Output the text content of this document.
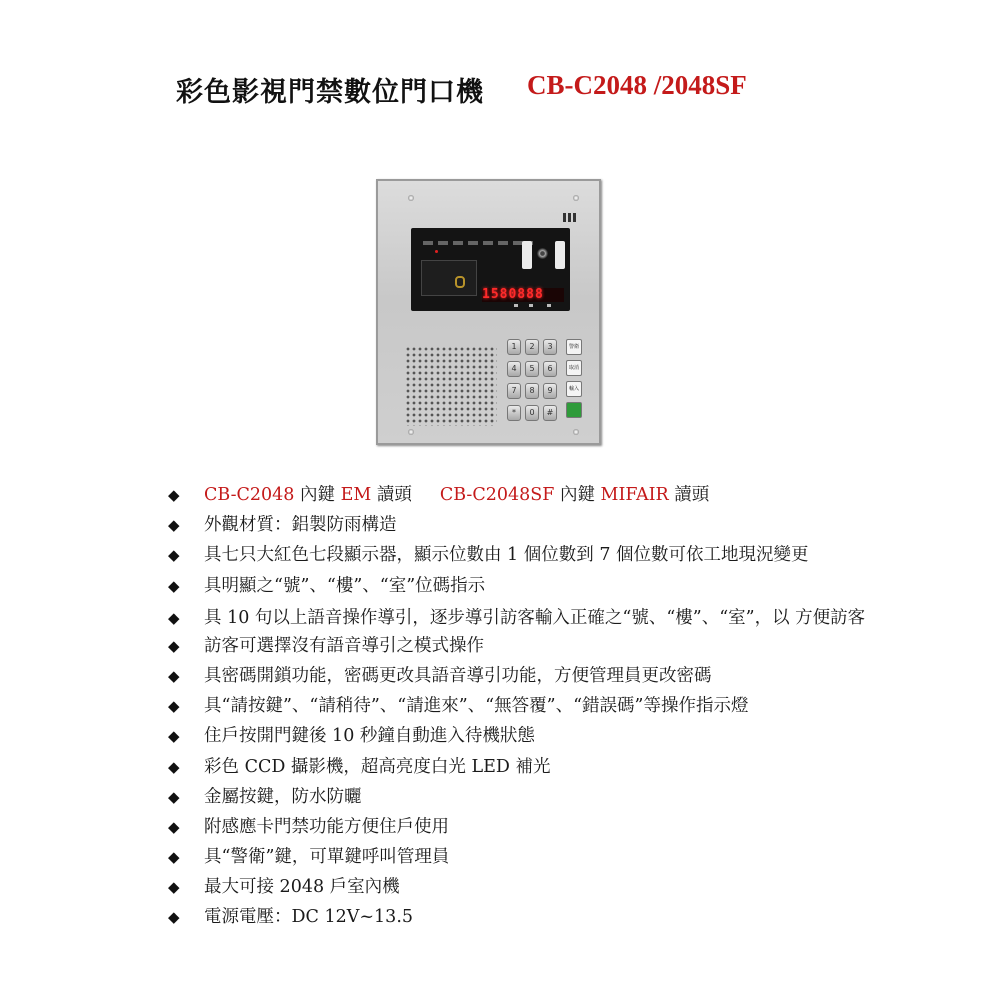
彩色影視門禁數位門口機 CB-C2048 /2048SF
1580888
1	2	3
4	5	6
7	8	9
*	0	#
警衛
取消
輸入
◆ CB-C2048 內鍵 EM 讀頭 CB-C2048SF 內鍵 MIFAIR 讀頭
◆ 外觀材質：鋁製防雨構造
◆ 具七只大紅色七段顯示器，顯示位數由 1 個位數到 7 個位數可依工地現況變更
◆ 具明顯之“號”、“樓”、“室”位碼指示
◆ 具 10 句以上語音操作導引，逐步導引訪客輸入正確之“號、“樓”、“室”，以 方便訪客
◆ 訪客可選擇沒有語音導引之模式操作
◆ 具密碼開鎖功能，密碼更改具語音導引功能，方便管理員更改密碼
◆ 具“請按鍵”、“請稍待”、“請進來”、“無答覆”、“錯誤碼”等操作指示燈
◆ 住戶按開門鍵後 10 秒鐘自動進入待機狀態
◆ 彩色 CCD 攝影機，超高亮度白光 LED 補光
◆ 金屬按鍵，防水防曬
◆ 附感應卡門禁功能方便住戶使用
◆ 具“警衛”鍵，可單鍵呼叫管理員
◆ 最大可接 2048 戶室內機
◆ 電源電壓：DC 12V~13.5
